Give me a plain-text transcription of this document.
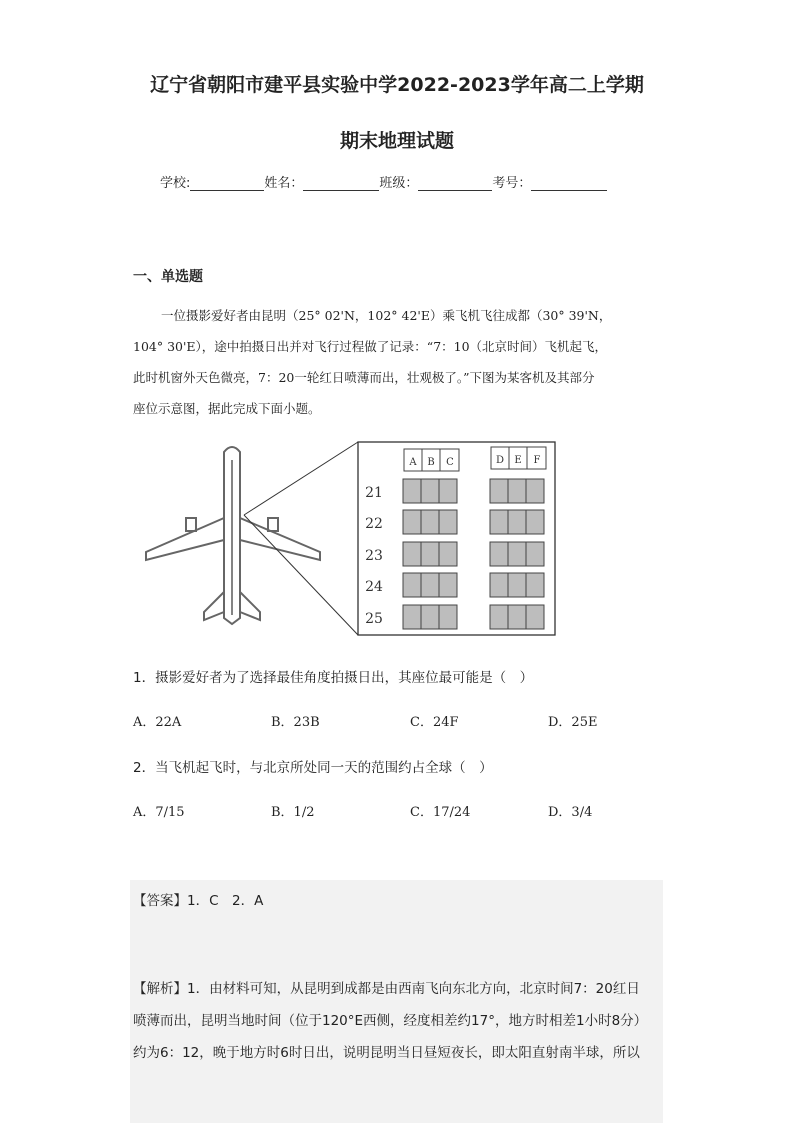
辽宁省朝阳市建平县实验中学2022-2023学年高二上学期
期末地理试题
学校:	姓名：	班级：	考号：
一、单选题
一位摄影爱好者由昆明（25° 02'N，102° 42'E）乘飞机飞往成都（30° 39'N，
104° 30'E），途中拍摄日出并对飞行过程做了记录：“7：10（北京时间）飞机起飞，
此时机窗外天色微亮，7：20一轮红日喷薄而出，壮观极了。”下图为某客机及其部分
座位示意图，据此完成下面小题。
A B C	D E F
21
22
23
24
25
1．摄影爱好者为了选择最佳角度拍摄日出，其座位最可能是（　）
A．22A	B．23B	C．24F	D．25E
2．当飞机起飞时，与北京所处同一天的范围约占全球（　）
A．7/15	B．1/2	C．17/24	D．3/4
【答案】1．C　2．A
【解析】1．由材料可知，从昆明到成都是由西南飞向东北方向，北京时间7：20红日
喷薄而出，昆明当地时间（位于120°E西侧，经度相差约17°，地方时相差1小时8分）
约为6：12，晚于地方时6时日出，说明昆明当日昼短夜长，即太阳直射南半球，所以
